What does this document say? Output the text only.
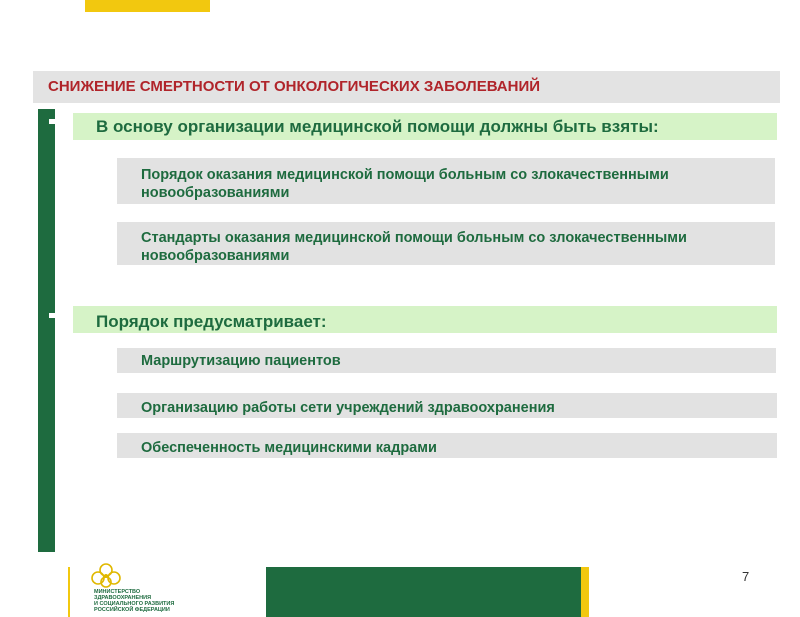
СНИЖЕНИЕ СМЕРТНОСТИ ОТ ОНКОЛОГИЧЕСКИХ ЗАБОЛЕВАНИЙ
В основу организации медицинской помощи должны быть взяты:
Порядок оказания медицинской помощи больным со злокачественными новообразованиями
Стандарты оказания медицинской помощи больным со злокачественными новообразованиями
Порядок предусматривает:
Маршрутизацию пациентов
Организацию работы сети учреждений здравоохранения
Обеспеченность медицинскими кадрами
7
МИНИСТЕРСТВО
ЗДРАВООХРАНЕНИЯ
И СОЦИАЛЬНОГО РАЗВИТИЯ
РОССИЙСКОЙ ФЕДЕРАЦИИ
